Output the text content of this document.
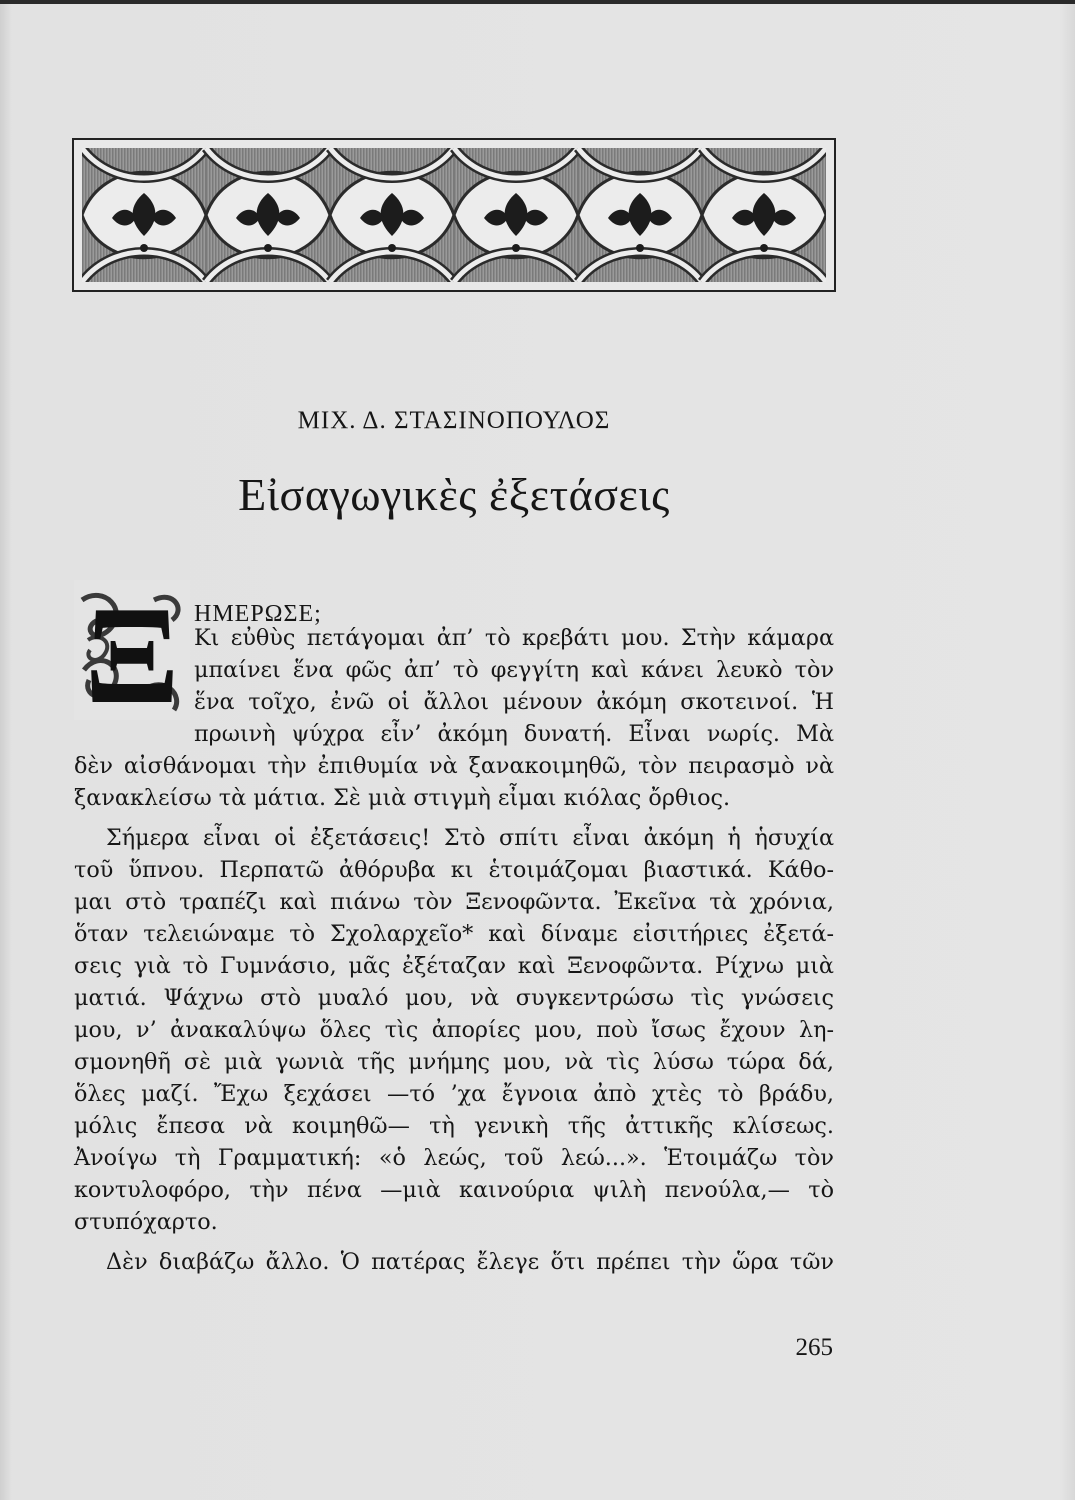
ΜΙΧ. Δ. ΣΤΑΣΙΝΟΠΟΥΛΟΣ
Εἰσαγωγικὲς ἐξετάσεις
Ξ ΗΜΕΡΩΣΕ;
Κι εὐθὺς πετάγομαι ἀπ’ τὸ κρεβάτι μου. Στὴν κάμαρα
μπαίνει ἕνα φῶς ἀπ’ τὸ φεγγίτη καὶ κάνει λευκὸ τὸν
ἕνα τοῖχο, ἐνῶ οἱ ἄλλοι μένουν ἀκόμη σκοτεινοί. Ἡ
πρωινὴ ψύχρα εἶν’ ἀκόμη δυνατή. Εἶναι νωρίς. Μὰ
δὲν αἰσθάνομαι τὴν ἐπιθυμία νὰ ξανακοιμηθῶ, τὸν πειρασμὸ νὰ
ξανακλείσω τὰ μάτια. Σὲ μιὰ στιγμὴ εἶμαι κιόλας ὄρθιος.
Σήμερα εἶναι οἱ ἐξετάσεις! Στὸ σπίτι εἶναι ἀκόμη ἡ ἡσυχία
τοῦ ὕπνου. Περπατῶ ἀθόρυβα κι ἑτοιμάζομαι βιαστικά. Κάθο-
μαι στὸ τραπέζι καὶ πιάνω τὸν Ξενοφῶντα. Ἐκεῖνα τὰ χρόνια,
ὅταν τελειώναμε τὸ Σχολαρχεῖο* καὶ δίναμε εἰσιτήριες ἐξετά-
σεις γιὰ τὸ Γυμνάσιο, μᾶς ἐξέταζαν καὶ Ξενοφῶντα. Ρίχνω μιὰ
ματιά. Ψάχνω στὸ μυαλό μου, νὰ συγκεντρώσω τὶς γνώσεις
μου, ν’ ἀνακαλύψω ὅλες τὶς ἀπορίες μου, ποὺ ἴσως ἔχουν λη-
σμονηθῆ σὲ μιὰ γωνιὰ τῆς μνήμης μου, νὰ τὶς λύσω τώρα δά,
ὅλες μαζί. Ἔχω ξεχάσει —τό ’χα ἔγνοια ἀπὸ χτὲς τὸ βράδυ,
μόλις ἔπεσα νὰ κοιμηθῶ— τὴ γενικὴ τῆς ἀττικῆς κλίσεως.
Ἀνοίγω τὴ Γραμματική: «ὁ λεώς, τοῦ λεώ...». Ἑτοιμάζω τὸν
κοντυλοφόρο, τὴν πένα —μιὰ καινούρια ψιλὴ πενούλα,— τὸ
στυπόχαρτο.
Δὲν διαβάζω ἄλλο. Ὁ πατέρας ἔλεγε ὅτι πρέπει τὴν ὥρα τῶν
265
